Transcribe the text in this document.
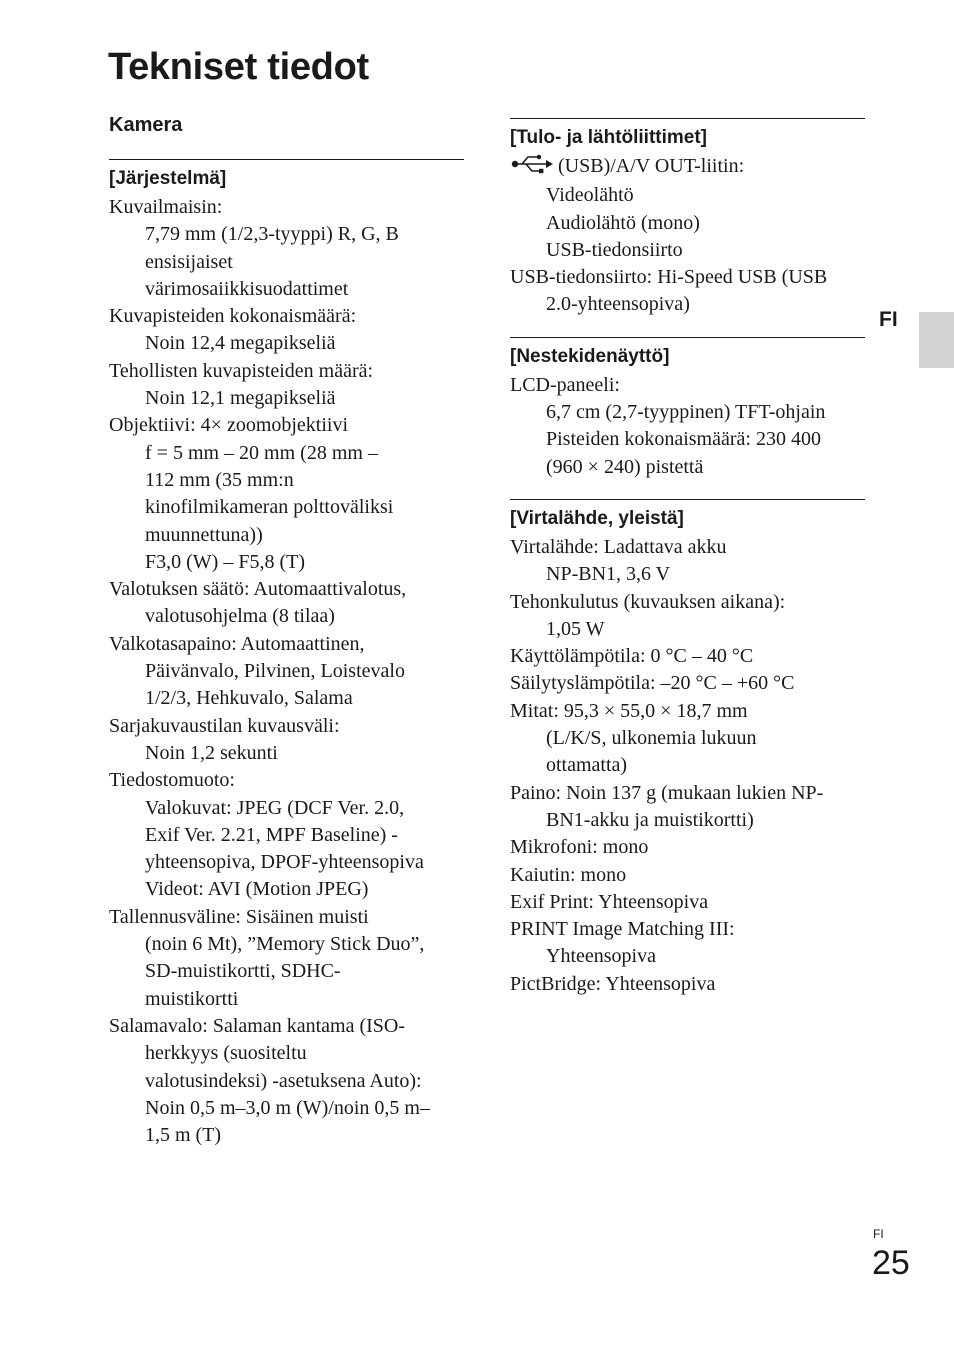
Tekniset tiedot
Kamera
[Järjestelmä]
Kuvailmaisin:
7,79 mm (1/2,3-tyyppi) R, G, B
ensisijaiset
värimosaiikkisuodattimet
Kuvapisteiden kokonaismäärä:
Noin 12,4 megapikseliä
Tehollisten kuvapisteiden määrä:
Noin 12,1 megapikseliä
Objektiivi: 4× zoomobjektiivi
f = 5 mm – 20 mm (28 mm –
112 mm (35 mm:n
kinofilmikameran polttoväliksi
muunnettuna))
F3,0 (W) – F5,8 (T)
Valotuksen säätö: Automaattivalotus,
valotusohjelma (8 tilaa)
Valkotasapaino: Automaattinen,
Päivänvalo, Pilvinen, Loistevalo
1/2/3, Hehkuvalo, Salama
Sarjakuvaustilan kuvausväli:
Noin 1,2 sekunti
Tiedostomuoto:
Valokuvat: JPEG (DCF Ver. 2.0,
Exif Ver. 2.21, MPF Baseline) -
yhteensopiva, DPOF-yhteensopiva
Videot: AVI (Motion JPEG)
Tallennusväline: Sisäinen muisti
(noin 6 Mt), ”Memory Stick Duo”,
SD-muistikortti, SDHC-
muistikortti
Salamavalo: Salaman kantama (ISO-
herkkyys (suositeltu
valotusindeksi) -asetuksena Auto):
Noin 0,5 m–3,0 m (W)/noin 0,5 m–
1,5 m (T)
[Tulo- ja lähtöliittimet]
(USB)/A/V OUT-liitin:
Videolähtö
Audiolähtö (mono)
USB-tiedonsiirto
USB-tiedonsiirto: Hi-Speed USB (USB
2.0-yhteensopiva)
[Nestekidenäyttö]
LCD-paneeli:
6,7 cm (2,7-tyyppinen) TFT-ohjain
Pisteiden kokonaismäärä: 230 400
(960 × 240) pistettä
[Virtalähde, yleistä]
Virtalähde: Ladattava akku
NP-BN1, 3,6 V
Tehonkulutus (kuvauksen aikana):
1,05 W
Käyttölämpötila: 0 °C – 40 °C
Säilytyslämpötila: –20 °C – +60 °C
Mitat: 95,3 × 55,0 × 18,7 mm
(L/K/S, ulkonemia lukuun
ottamatta)
Paino: Noin 137 g (mukaan lukien NP-
BN1-akku ja muistikortti)
Mikrofoni: mono
Kaiutin: mono
Exif Print: Yhteensopiva
PRINT Image Matching III:
Yhteensopiva
PictBridge: Yhteensopiva
FI
FI
25
